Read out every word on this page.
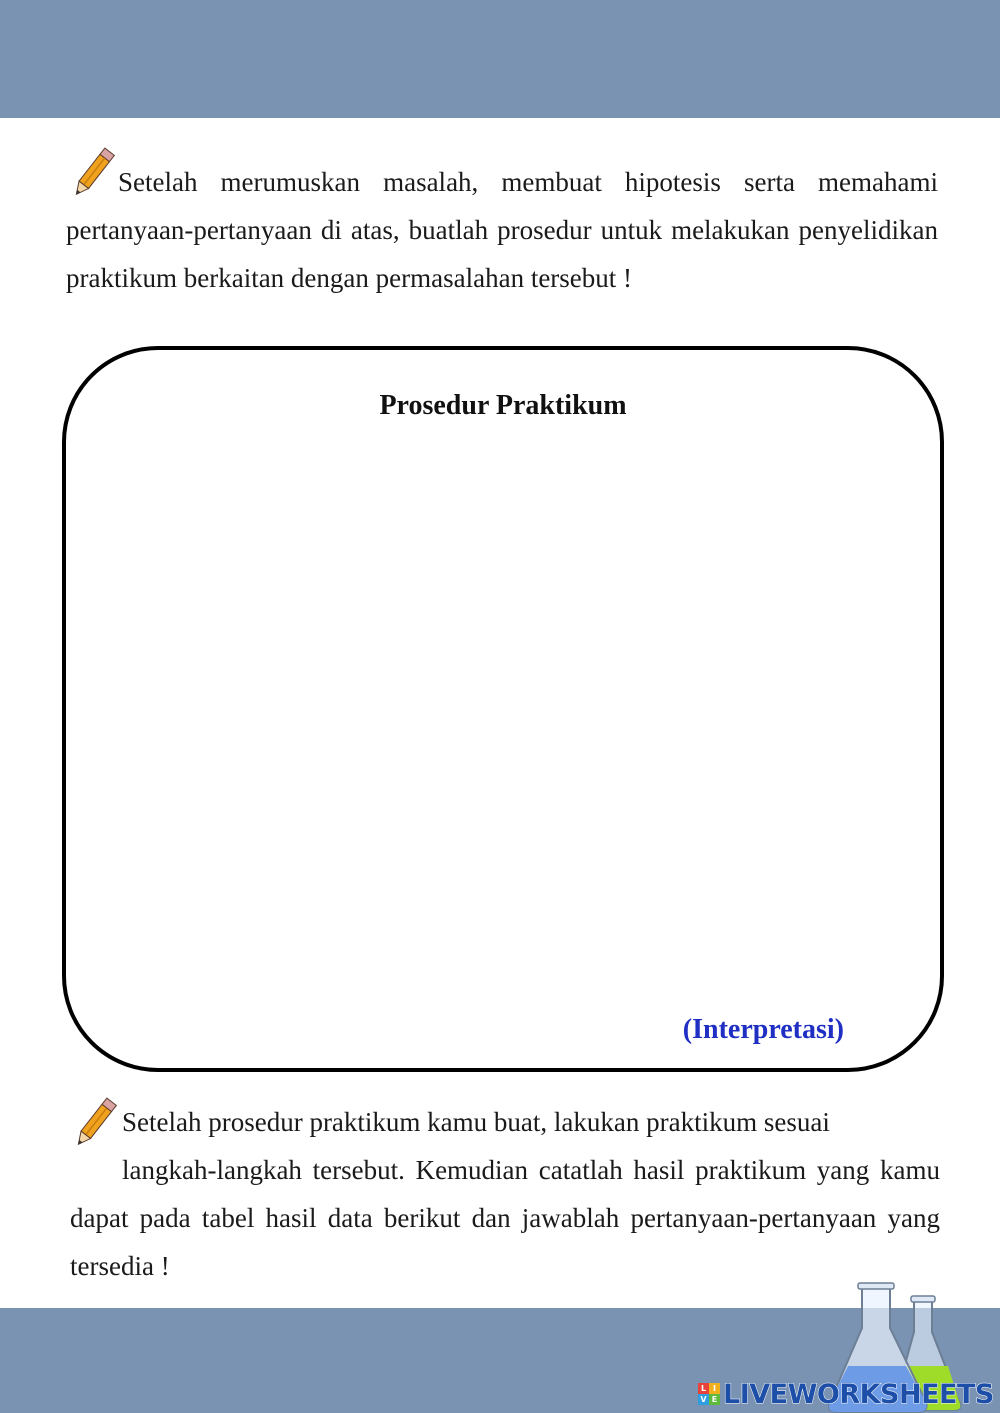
Setelah merumuskan masalah, membuat hipotesis serta memahami pertanyaan-pertanyaan di atas, buatlah prosedur untuk melakukan penyelidikan praktikum berkaitan dengan permasalahan tersebut !

Prosedur Praktikum
(Interpretasi)

Setelah prosedur praktikum kamu buat, lakukan praktikum sesuai
langkah-langkah tersebut. Kemudian catatlah hasil praktikum yang kamu dapat pada tabel hasil data berikut dan jawablah pertanyaan-pertanyaan yang tersedia !

L I
V E LIVEWORKSHEETS
